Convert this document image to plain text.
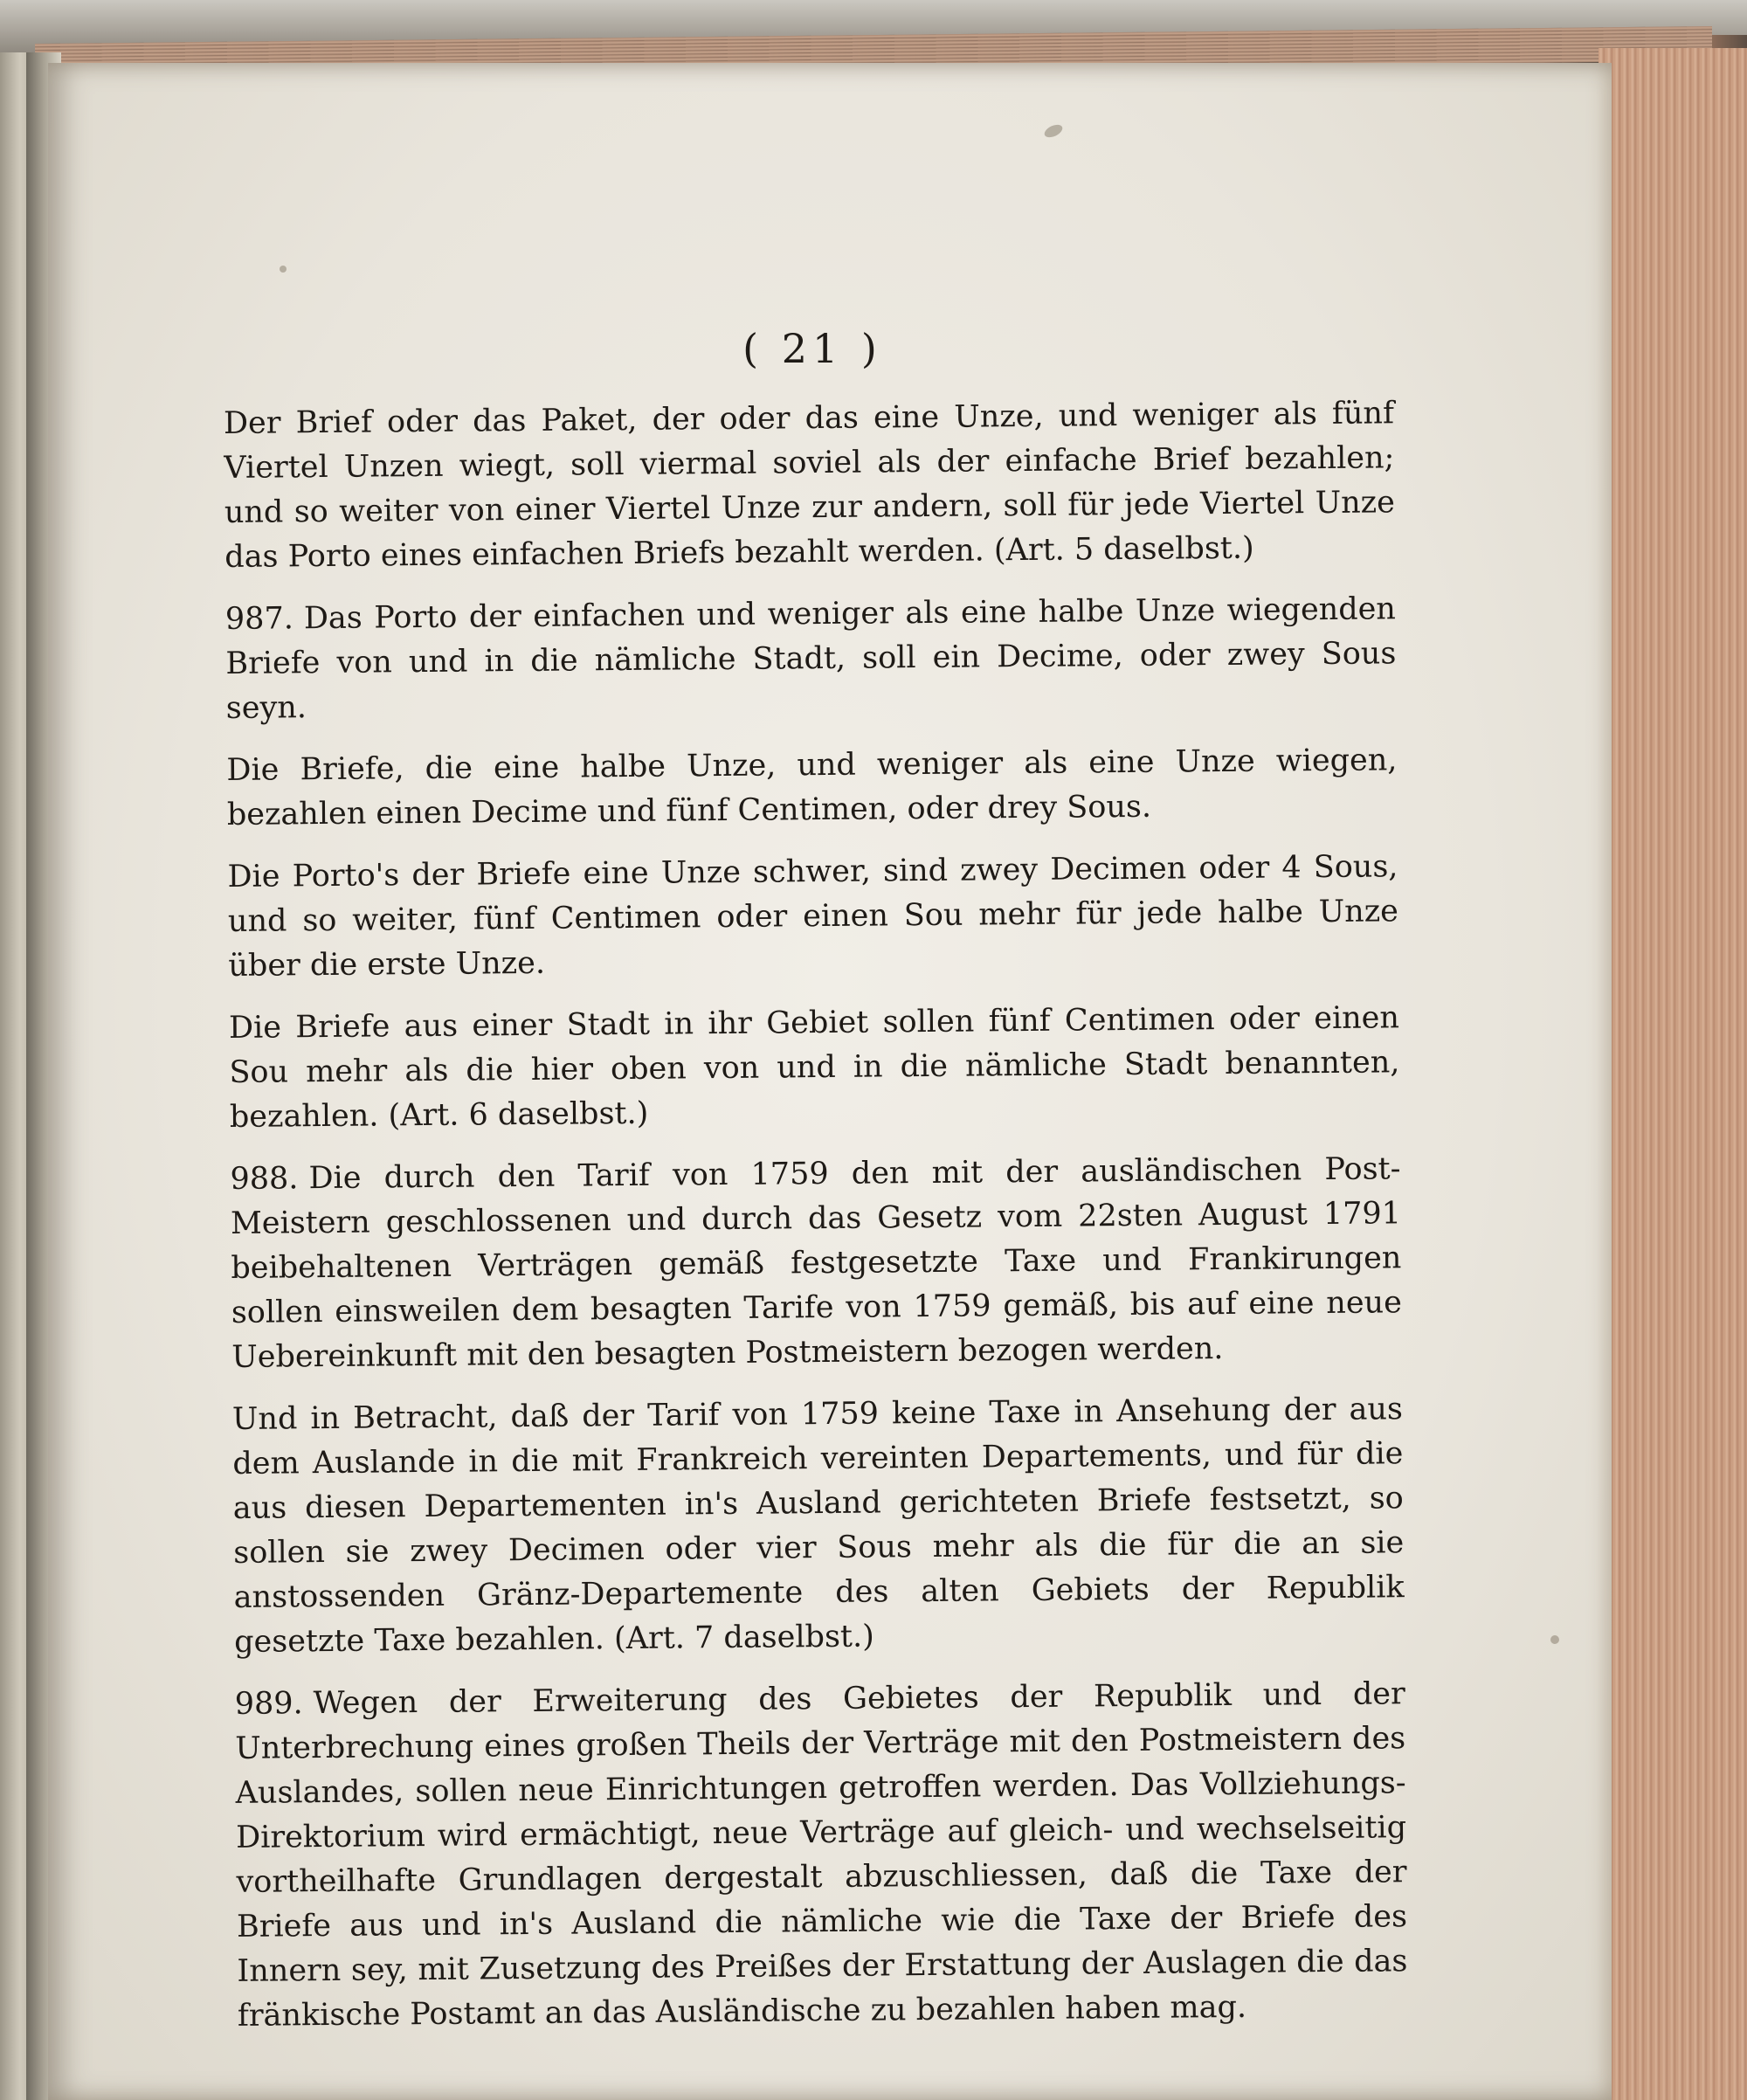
( 21 )

Der Brief oder das Paket, der oder das eine Unze, und weniger als fünf Viertel Unzen wiegt, soll viermal soviel als der einfache Brief bezahlen; und so weiter von einer Viertel Unze zur andern, soll für jede Viertel Unze das Porto eines einfachen Briefs bezahlt werden. (Art. 5 daselbst.)

987. Das Porto der einfachen und weniger als eine halbe Unze wiegenden Briefe von und in die nämliche Stadt, soll ein Decime, oder zwey Sous seyn.

Die Briefe, die eine halbe Unze, und weniger als eine Unze wiegen, bezahlen einen Decime und fünf Centimen, oder drey Sous.

Die Porto's der Briefe eine Unze schwer, sind zwey Decimen oder 4 Sous, und so weiter, fünf Centimen oder einen Sou mehr für jede halbe Unze über die erste Unze.

Die Briefe aus einer Stadt in ihr Gebiet sollen fünf Centimen oder einen Sou mehr als die hier oben von und in die nämliche Stadt benannten, bezahlen. (Art. 6 daselbst.)

988. Die durch den Tarif von 1759 den mit der ausländischen Post-Meistern geschlossenen und durch das Gesetz vom 22sten August 1791 beibehaltenen Verträgen gemäß festgesetzte Taxe und Frankirungen sollen einsweilen dem besagten Tarife von 1759 gemäß, bis auf eine neue Uebereinkunft mit den besagten Postmeistern bezogen werden.

Und in Betracht, daß der Tarif von 1759 keine Taxe in Ansehung der aus dem Auslande in die mit Frankreich vereinten Departements, und für die aus diesen Departementen in's Ausland gerichteten Briefe festsetzt, so sollen sie zwey Decimen oder vier Sous mehr als die für die an sie anstossenden Gränz-Departemente des alten Gebiets der Republik gesetzte Taxe bezahlen. (Art. 7 daselbst.)

989. Wegen der Erweiterung des Gebietes der Republik und der Unterbrechung eines großen Theils der Verträge mit den Postmeistern des Auslandes, sollen neue Einrichtungen getroffen werden. Das Vollziehungs-Direktorium wird ermächtigt, neue Verträge auf gleich- und wechselseitig vortheilhafte Grundlagen dergestalt abzuschliessen, daß die Taxe der Briefe aus und in's Ausland die nämliche wie die Taxe der Briefe des Innern sey, mit Zusetzung des Preißes der Erstattung der Auslagen die das fränkische Postamt an das Ausländische zu bezahlen haben mag.
